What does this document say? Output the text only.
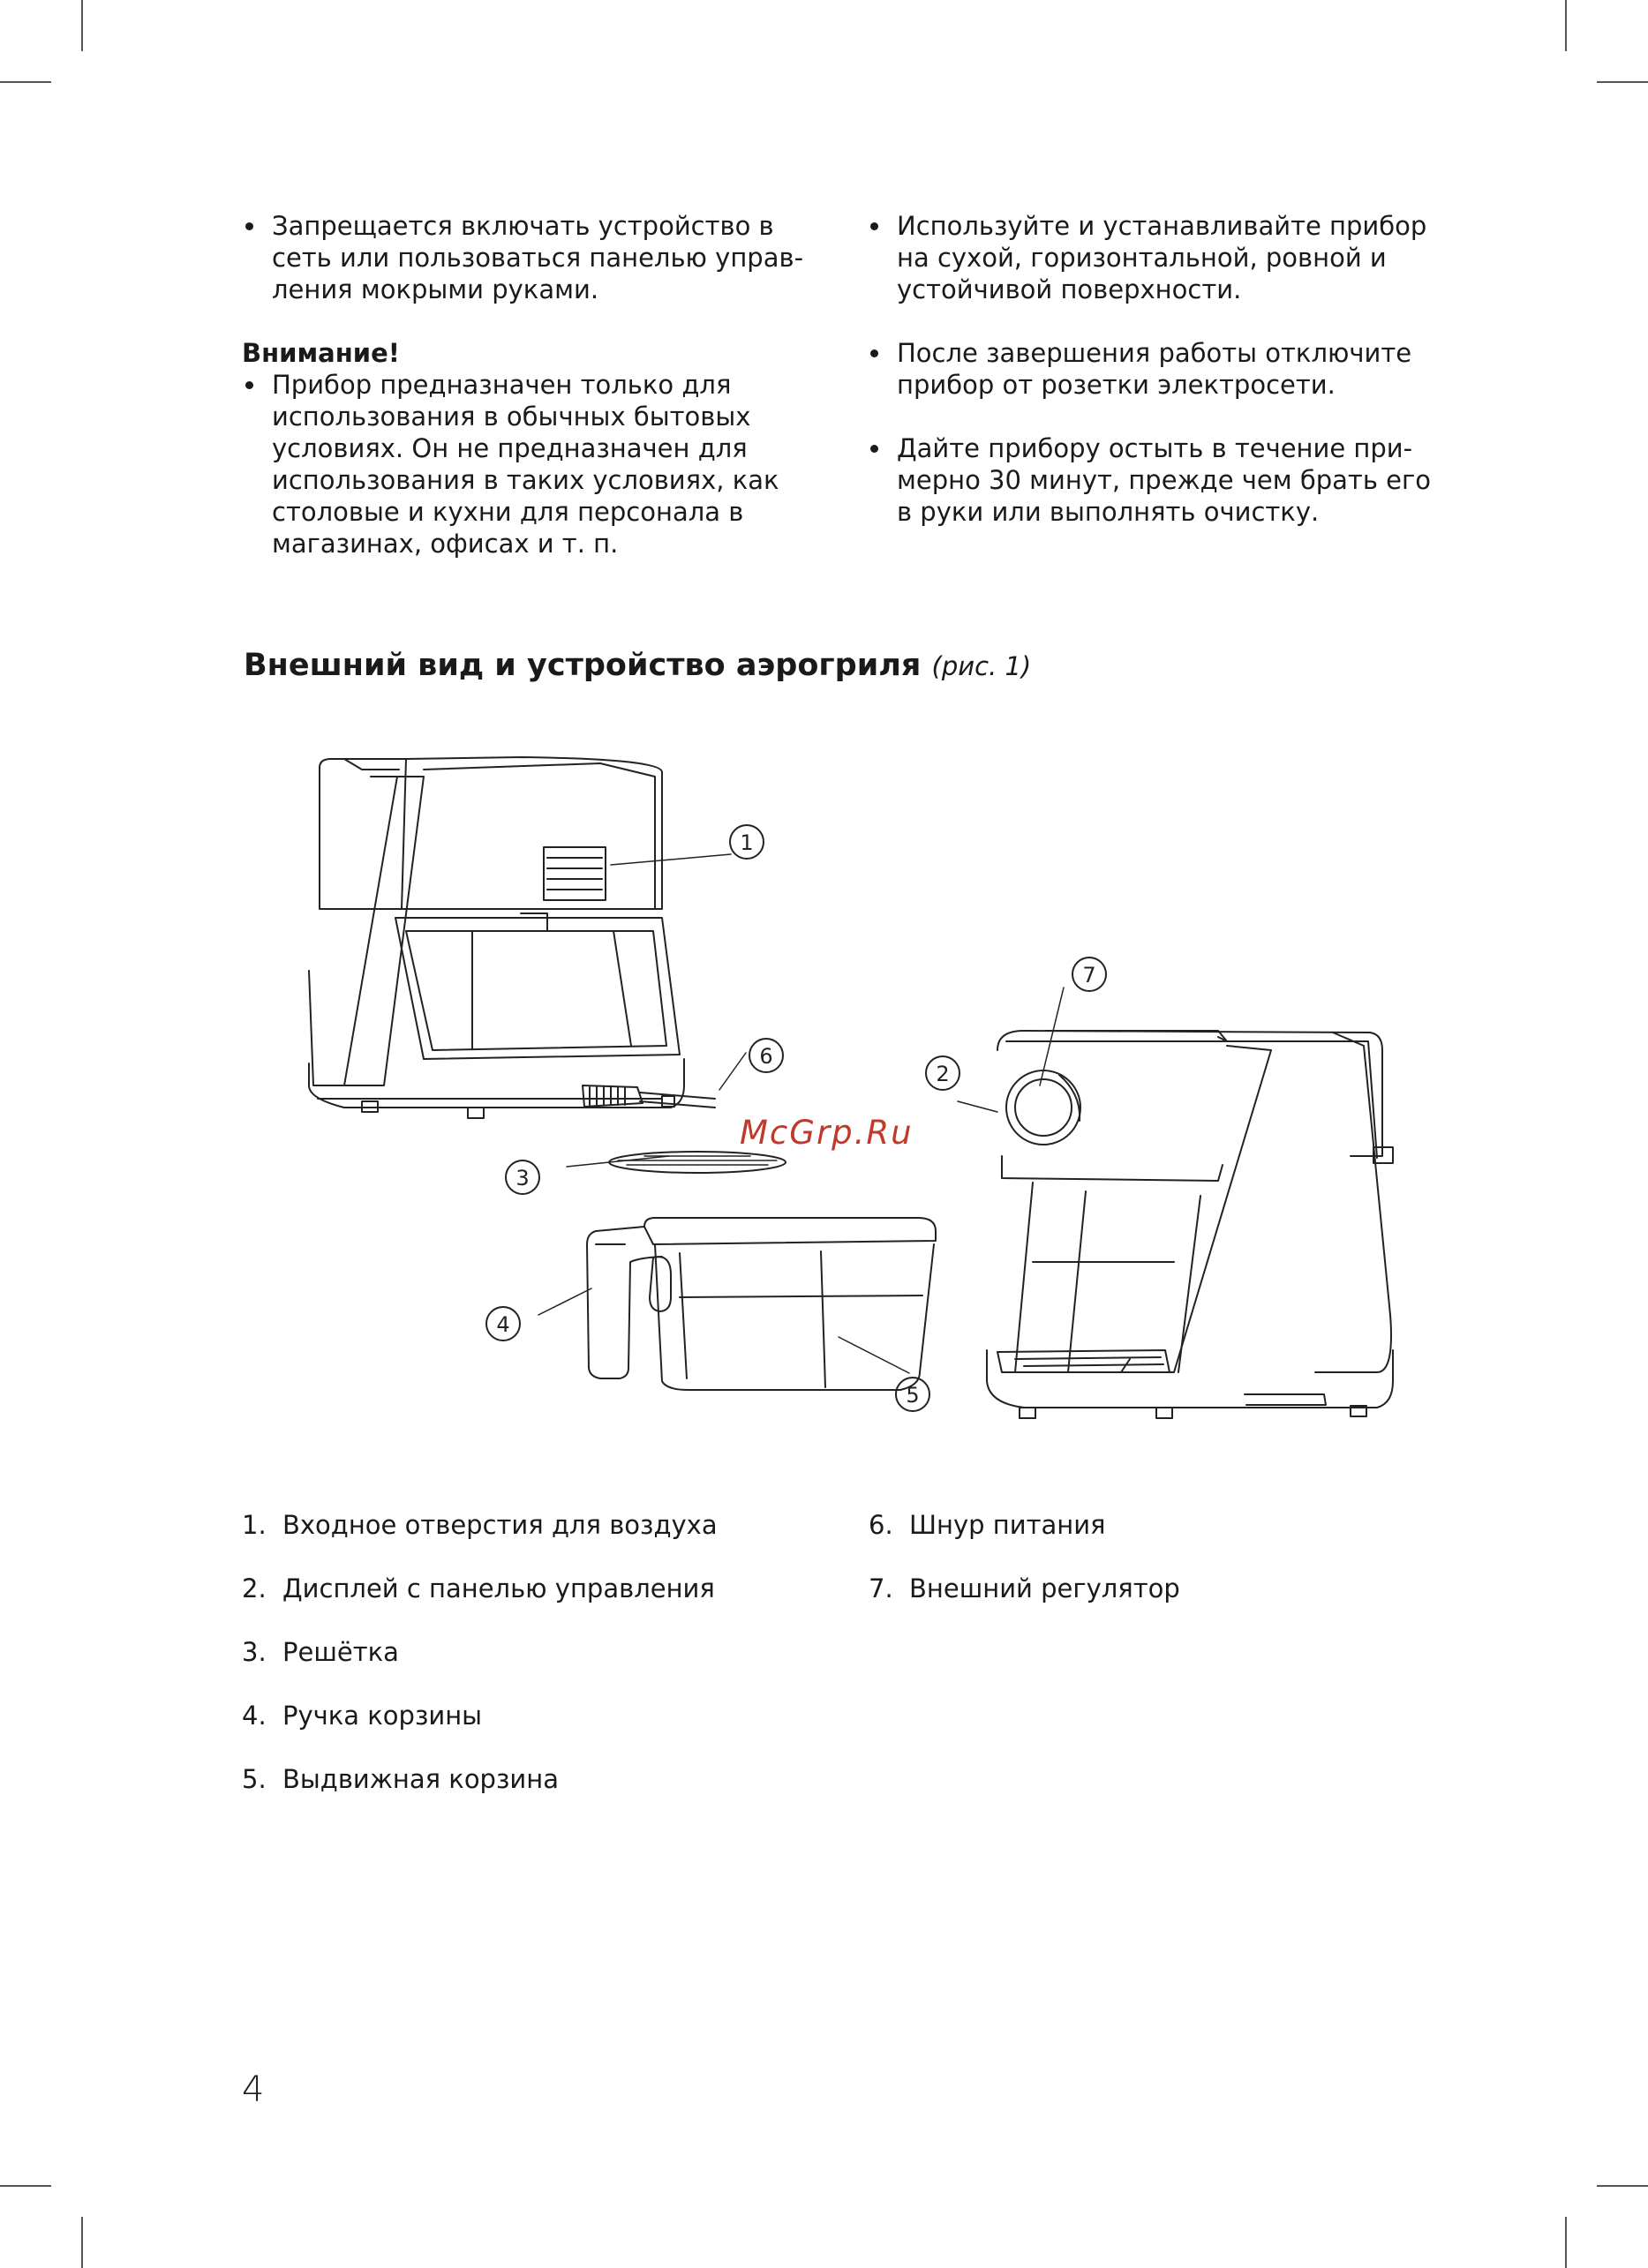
Запрещается включать устройство в
сеть или пользоваться панелью управ-
ления мокрыми руками.

Внимание!

Прибор предназначен только для
использования в обычных бытовых
условиях. Он не предназначен для
использования в таких условиях, как
столовые и кухни для персонала в
магазинах, офисах и т. п.

Используйте и устанавливайте прибор
на сухой, горизонтальной, ровной и
устойчивой поверхности.

После завершения работы отключите
прибор от розетки электросети.

Дайте прибору остыть в течение при-
мерно 30 минут, прежде чем брать его
в руки или выполнять очистку.

Внешний вид и устройство аэрогриля (рис. 1)
1
2
3
4
5
6
7
McGrp.Ru
1. Входное отверстия для воздуха
2. Дисплей с панелью управления
3. Решётка
4. Ручка корзины
5. Выдвижная корзина
6. Шнур питания
7. Внешний регулятор
4
